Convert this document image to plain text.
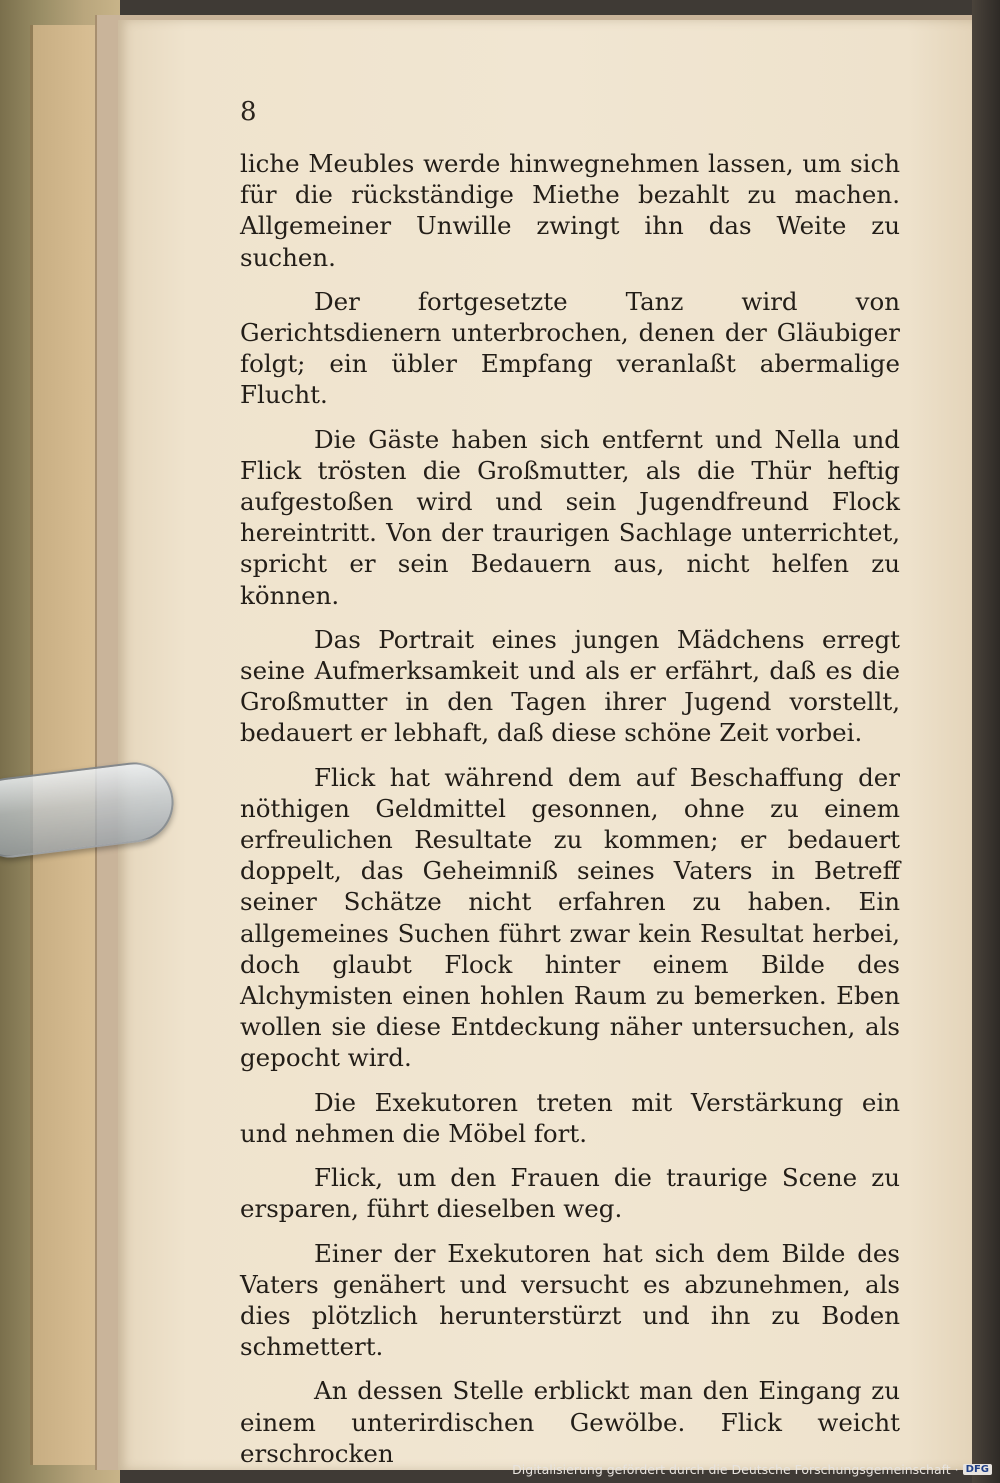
8

liche Meubles werde hinwegnehmen lassen, um sich für die rückständige Miethe bezahlt zu machen. Allgemeiner Unwille zwingt ihn das Weite zu suchen.

Der fortgesetzte Tanz wird von Gerichtsdienern unterbrochen, denen der Gläubiger folgt; ein übler Empfang veranlaßt abermalige Flucht.

Die Gäste haben sich entfernt und Nella und Flick trösten die Großmutter, als die Thür heftig aufgestoßen wird und sein Jugendfreund Flock hereintritt. Von der traurigen Sachlage unterrichtet, spricht er sein Bedauern aus, nicht helfen zu können.

Das Portrait eines jungen Mädchens erregt seine Aufmerksamkeit und als er erfährt, daß es die Großmutter in den Tagen ihrer Jugend vorstellt, bedauert er lebhaft, daß diese schöne Zeit vorbei.

Flick hat während dem auf Beschaffung der nöthigen Geldmittel gesonnen, ohne zu einem erfreulichen Resultate zu kommen; er bedauert doppelt, das Geheimniß seines Vaters in Betreff seiner Schätze nicht erfahren zu haben. Ein allgemeines Suchen führt zwar kein Resultat herbei, doch glaubt Flock hinter einem Bilde des Alchymisten einen hohlen Raum zu bemerken. Eben wollen sie diese Entdeckung näher untersuchen, als gepocht wird.

Die Exekutoren treten mit Verstärkung ein und nehmen die Möbel fort.

Flick, um den Frauen die traurige Scene zu ersparen, führt dieselben weg.

Einer der Exekutoren hat sich dem Bilde des Vaters genähert und versucht es abzunehmen, als dies plötzlich herunterstürzt und ihn zu Boden schmettert.

An dessen Stelle erblickt man den Eingang zu einem unterirdischen Gewölbe. Flick weicht erschrocken

Digitalisierung gefördert durch die Deutsche Forschungsgemeinschaft · DFG
